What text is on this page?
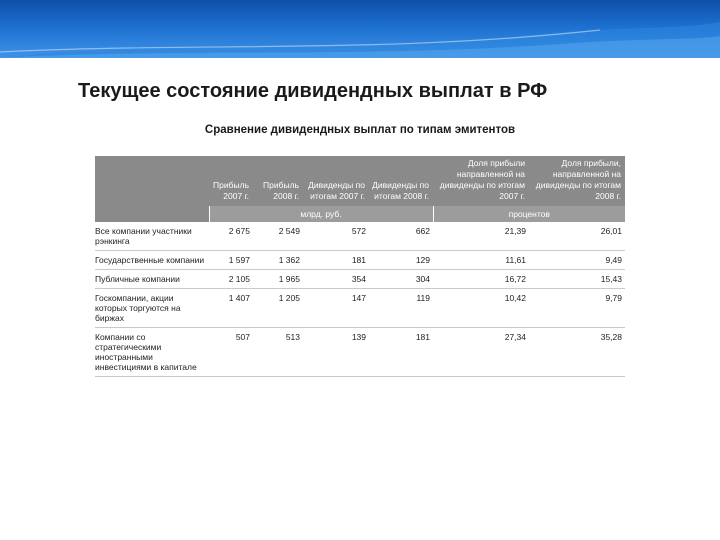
Текущее состояние дивидендных выплат в РФ
Сравнение дивидендных выплат по типам эмитентов
	Прибыль 2007 г.	Прибыль 2008 г.	Дивиденды по итогам 2007 г.	Дивиденды по итогам 2008 г.	Доля прибыли направленной на дивиденды по итогам 2007 г.	Доля прибыли, направленной на дивиденды по итогам 2008 г.
	млрд. руб.				процентов	
Все компании участники рэнкинга	2 675	2 549	572	662	21,39	26,01
Государственные компании	1 597	1 362	181	129	11,61	9,49
Публичные компании	2 105	1 965	354	304	16,72	15,43
Госкомпании, акции которых торгуются на биржах	1 407	1 205	147	119	10,42	9,79
Компании со стратегическими иностранными инвестициями в капитале	507	513	139	181	27,34	35,28
